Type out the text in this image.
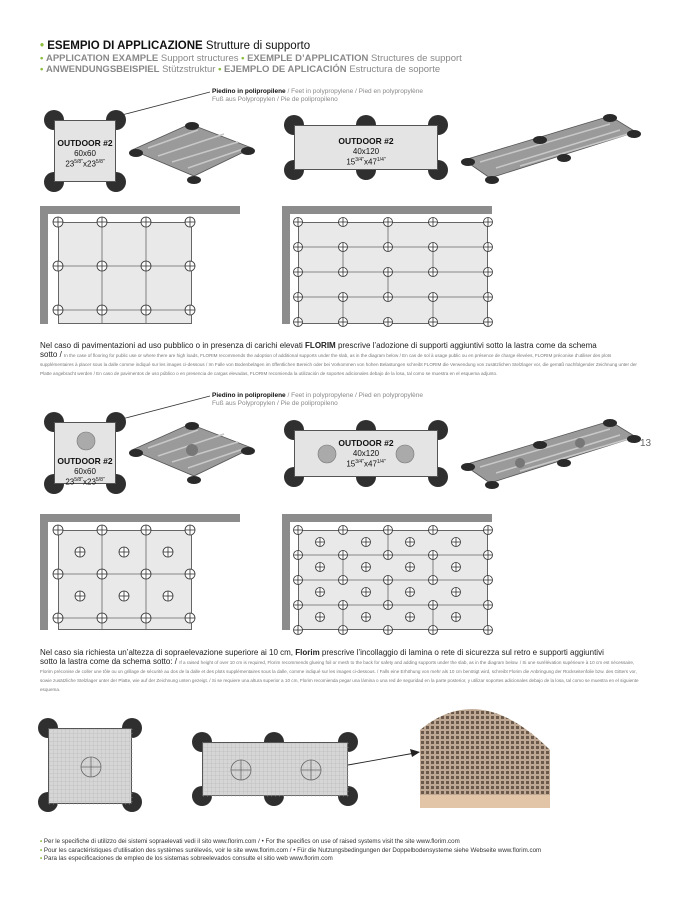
• ESEMPIO DI APPLICAZIONE Strutture di supporto
• APPLICATION EXAMPLE Support structures • EXEMPLE D’APPLICATION Structures de support
• ANWENDUNGSBEISPIEL Stützstruktur • EJEMPLO DE APLICACIÓN Estructura de soporte
Piedino in polipropilene / Feet in polypropylene / Pied en polypropylène
Fuß aus Polypropylen / Pie de polipropileno
OUTDOOR #2
60x60
$23^{5/8"}x23^{5/8"}$
OUTDOOR #2
40x120
$15^{3/4"}x47^{1/4"}$
Nel caso di pavimentazioni ad uso pubblico o in presenza di carichi elevati FLORIM prescrive l’adozione di supporti aggiuntivi sotto la lastra come da schema
sotto / In the case of flooring for public use or where there are high loads, FLORIM recommends the adoption of additional supports under the slab, as in the diagram below / En cas de sol à usage public ou en présence de charge élevées, FLORIM préconise d’utiliser des plots supplémentaires à placer sous la dalle comme indiqué sur les images ci-dessous / Im Falle von Bodenbelägen im öffentlichen Bereich oder bei Vorkommen von hohen Belastungen schreibt FLORIM die Verwendung von zusätzlichen Stelzlager vor, die gemäß nachfolgender Zeichnung unter der Platte angebracht werden / En caso de pavimentos de uso público o en presencia de cargas elevadas, FLORIM recomienda la utilización de soportes adicionales debajo de la losa, tal como se muestra en el esquema adjunto.
Piedino in polipropilene / Feet in polypropylene / Pied en polypropylène
Fuß aus Polypropylen / Pie de polipropileno
OUTDOOR #2
60x60
$23^{5/8"}x23^{5/8"}$
OUTDOOR #2
40x120
$15^{3/4"}x47^{1/4"}$
13
Nel caso sia richiesta un’altezza di sopraelevazione superiore ai 10 cm, Florim prescrive l’incollaggio di lamina o rete di sicurezza sul retro e supporti aggiuntivi
sotto la lastra come da schema sotto: / If a raised height of over 10 cm is required, Florim recommends glueing foil or mesh to the back for safety and adding supports under the slab, as in the diagram below. / Si une surélévation supérieure à 10 cm est nécessaire, Florim préconise de coller une tôle ou un grillage de sécurité au dos de la dalle et des plots supplémentaires sous la dalle, comme indiqué sur les images ci-dessous. / Falls eine Erhöhung von mehr als 10 cm benötigt wird, schreibt Florim die Anbringung der Rückseitenfolie bzw. des Gitters vor, sowie zusätzliche Stelzlager unter der Platte, wie auf der Zeichnung unten gezeigt. / Si se requiere una altura superior a 10 cm, Florim recomienda pegar una lámina o una red de seguridad en la parte posterior, y utilizar soportes adicionales debajo de la losa, tal como se muestra en el siguiente esquema.
• Per le specifiche di utilizzo dei sistemi sopraelevati vedi il sito www.florim.com / • For the specifics on use of raised systems visit the site www.florim.com
• Pour les caractéristiques d’utilisation des systèmes surélevés, voir le site www.florim.com / • Für die Nutzungsbedingungen der Doppelbodensysteme siehe Webseite www.florim.com
• Para las especificaciones de empleo de los sistemas sobreelevados consulte el sitio web www.florim.com
